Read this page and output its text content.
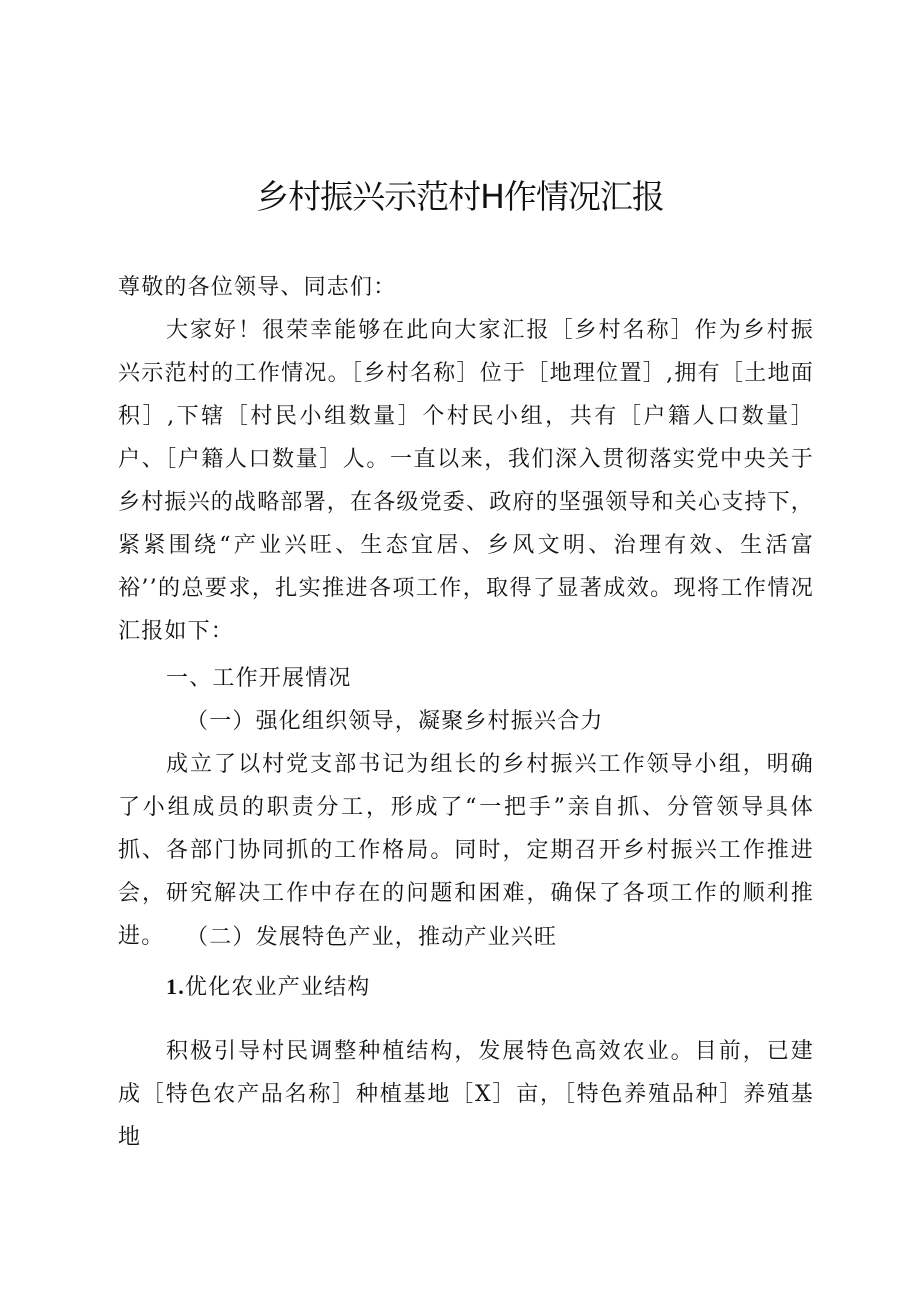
乡村振兴示范村H作情况汇报

尊敬的各位领导、同志们：

大家好！很荣幸能够在此向大家汇报［乡村名称］作为乡村振兴示范村的工作情况。［乡村名称］位于［地理位置］,拥有［土地面积］,下辖［村民小组数量］个村民小组，共有［户籍人口数量］户、［户籍人口数量］人。一直以来，我们深入贯彻落实党中央关于乡村振兴的战略部署，在各级党委、政府的坚强领导和关心支持下，紧紧围绕“产业兴旺、生态宜居、乡风文明、治理有效、生活富裕’’的总要求，扎实推进各项工作，取得了显著成效。现将工作情况汇报如下：

一、工作开展情况

（一）强化组织领导，凝聚乡村振兴合力

成立了以村党支部书记为组长的乡村振兴工作领导小组，明确了小组成员的职责分工，形成了“一把手”亲自抓、分管领导具体抓、各部门协同抓的工作格局。同时，定期召开乡村振兴工作推进会，研究解决工作中存在的问题和困难，确保了各项工作的顺利推进。 （二）发展特色产业，推动产业兴旺

1.优化农业产业结构

积极引导村民调整种植结构，发展特色高效农业。目前，已建成［特色农产品名称］种植基地［X］亩，［特色养殖品种］养殖基地
